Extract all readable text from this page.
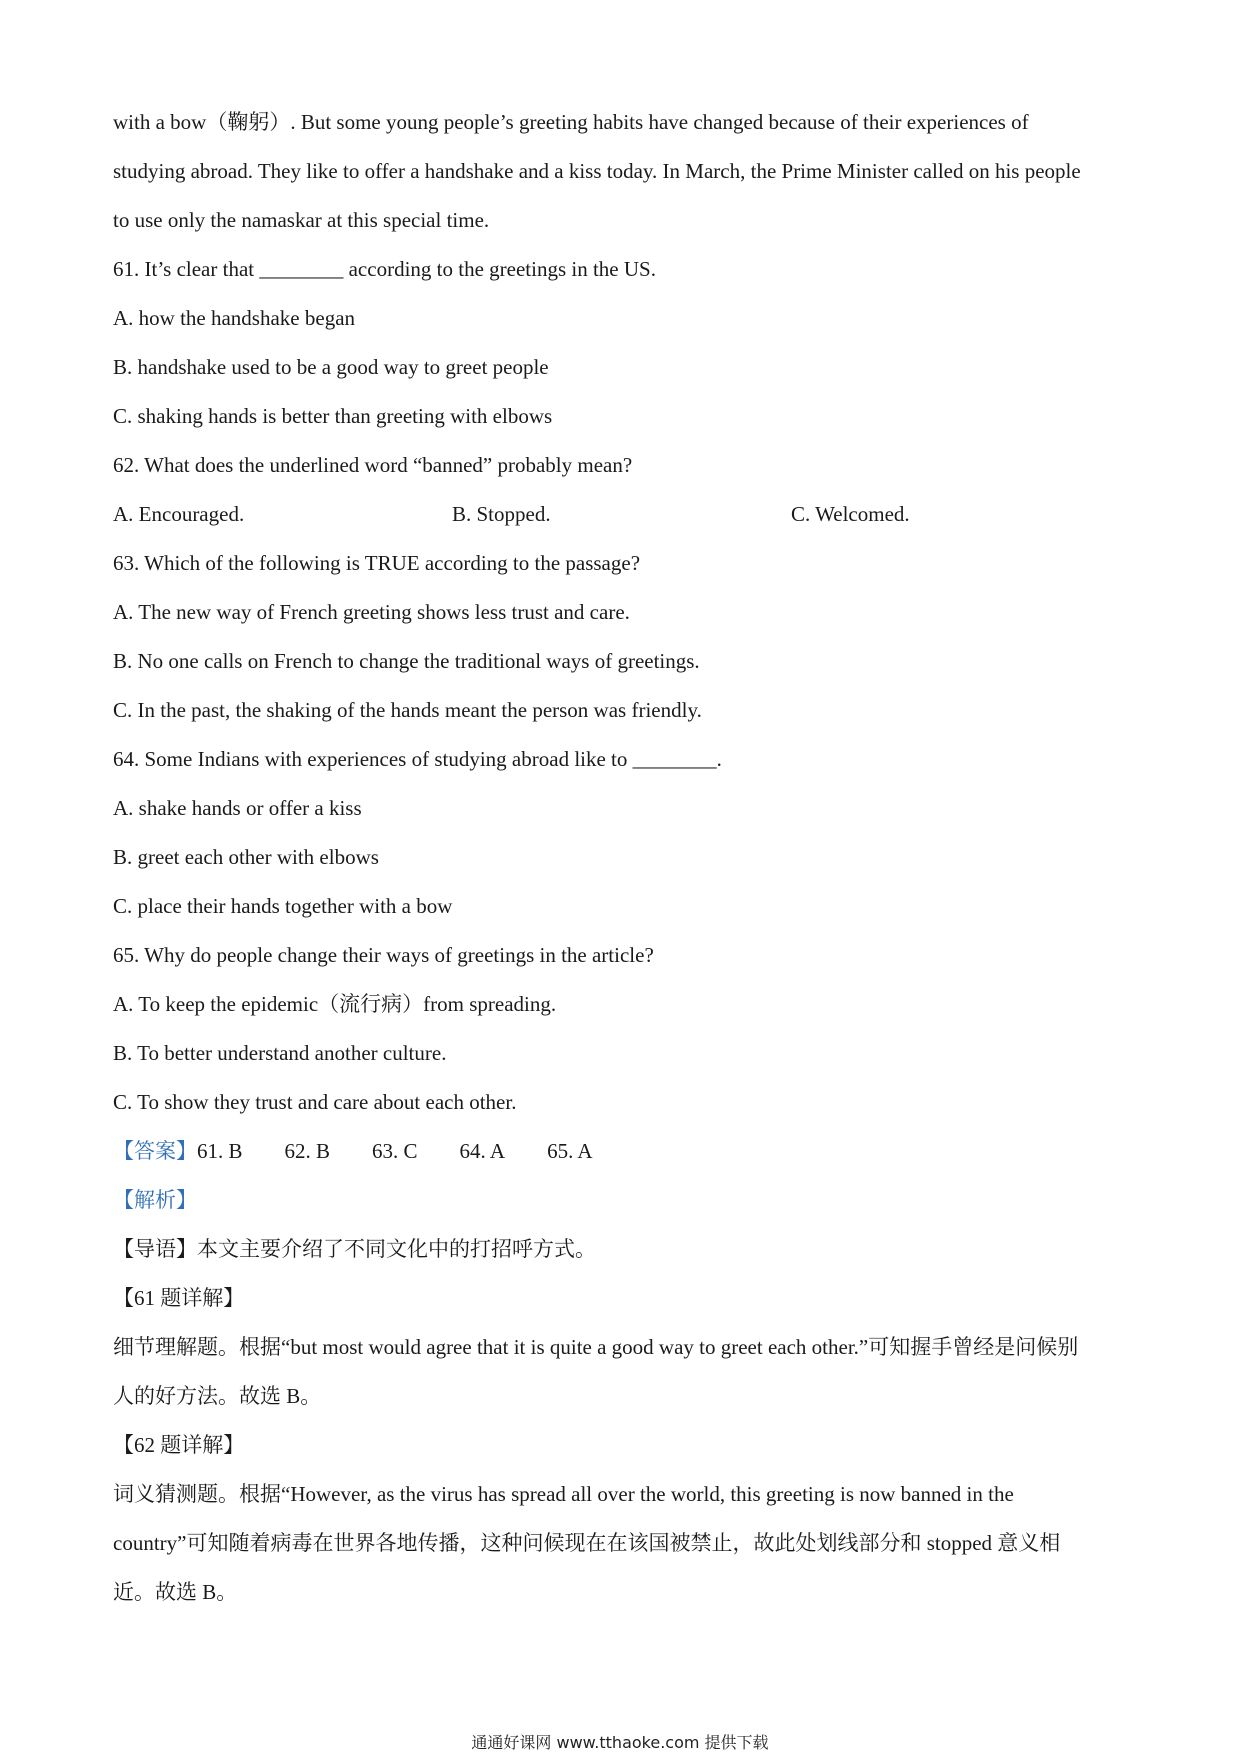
with a bow（鞠躬）. But some young people’s greeting habits have changed because of their experiences of
studying abroad. They like to offer a handshake and a kiss today. In March, the Prime Minister called on his people
to use only the namaskar at this special time.
61. It’s clear that ________ according to the greetings in the US.
A. how the handshake began
B. handshake used to be a good way to greet people
C. shaking hands is better than greeting with elbows
62. What does the underlined word “banned” probably mean?
A. Encouraged.	B. Stopped.	C. Welcomed.
63. Which of the following is TRUE according to the passage?
A. The new way of French greeting shows less trust and care.
B. No one calls on French to change the traditional ways of greetings.
C. In the past, the shaking of the hands meant the person was friendly.
64. Some Indians with experiences of studying abroad like to ________.
A. shake hands or offer a kiss
B. greet each other with elbows
C. place their hands together with a bow
65. Why do people change their ways of greetings in the article?
A. To keep the epidemic（流行病）from spreading.
B. To better understand another culture.
C. To show they trust and care about each other.
【答案】 61. B 62. B 63. C 64. A 65. A
【解析】
【导语】本文主要介绍了不同文化中的打招呼方式。
【61 题详解】
细节理解题。根据“but most would agree that it is quite a good way to greet each other.”可知握手曾经是问候别
人的好方法。故选 B。
【62 题详解】
词义猜测题。根据“However, as the virus has spread all over the world, this greeting is now banned in the
country”可知随着病毒在世界各地传播，这种问候现在在该国被禁止，故此处划线部分和 stopped 意义相
近。故选 B。
通通好课网 www.tthaoke.com 提供下载
